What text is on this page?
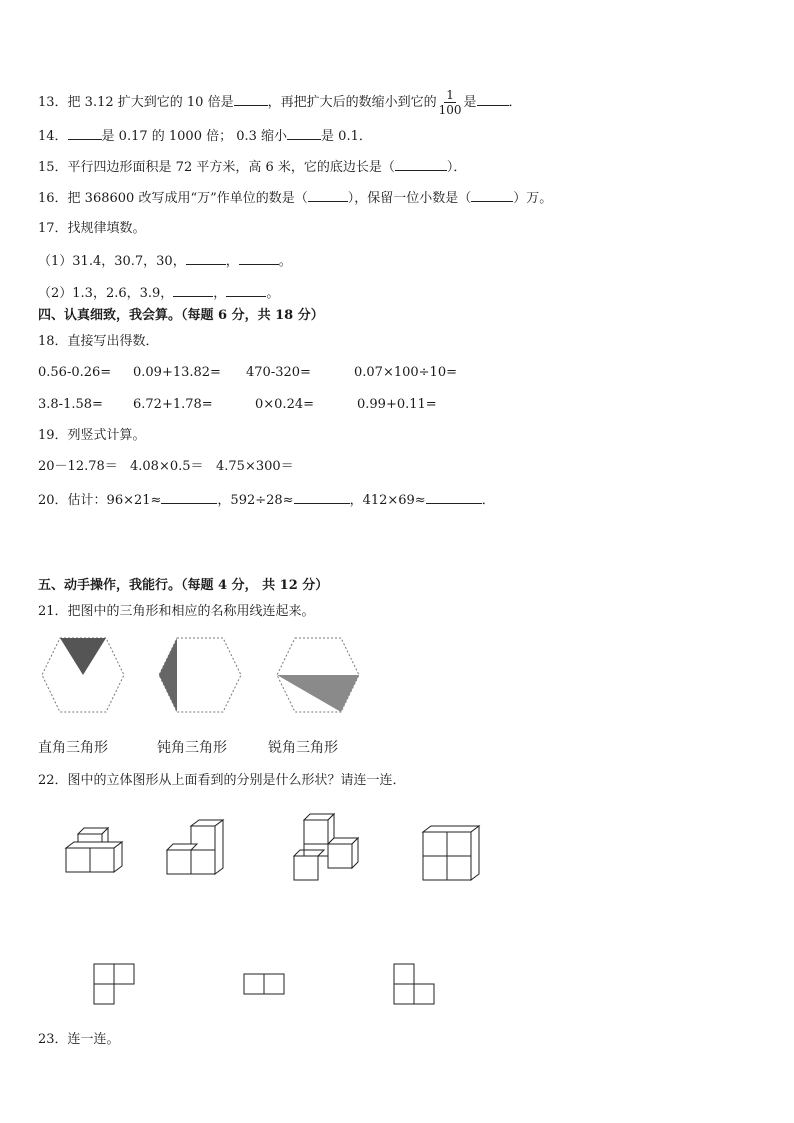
13．把 3.12 扩大到它的 10 倍是	，再把扩大后的数缩小到它的 $\frac{1}{100}$ 是 ．
14．	是 0.17 的 1000 倍； 0.3 缩小	是 0.1．
15．平行四边形面积是 72 平方米，高 6 米，它的底边长是（	）．
16．把 368600 改写成用“万”作单位的数是（	），保留一位小数是（	）万。
17．找规律填数。
（1）31.4，30.7，30，	，	。
（2）1.3，2.6，3.9，	，	。
四、认真细致，我会算。（每题 6 分，共 18 分）
18．直接写出得数．
0.56-0.26= 0.09+13.82= 470-320=	0.07×100÷10=
3.8-1.58= 6.72+1.78=	0×0.24=	0.99+0.11=
19．列竖式计算。
20－12.78＝ 4.08×0.5＝ 4.75×300＝
20．估计：96×21≈	，592÷28≈	，412×69≈	．
五、动手操作，我能行。（每题 4 分， 共 12 分）
21．把图中的三角形和相应的名称用线连起来。
直角三角形	钝角三角形	锐角三角形
22．图中的立体图形从上面看到的分别是什么形状？请连一连．
23．连一连。
